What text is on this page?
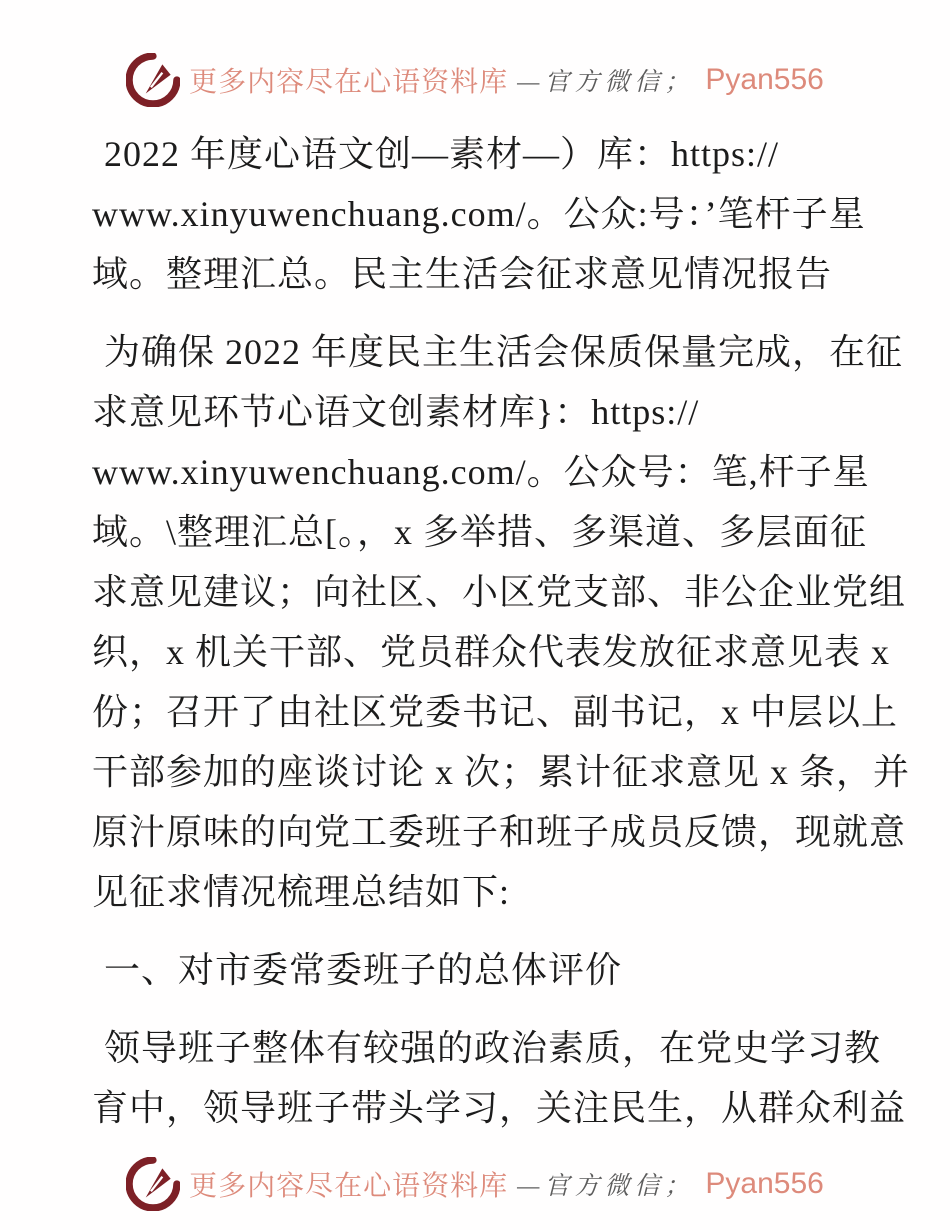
更多内容尽在心语资料库 —官方微信； Pyan556
2022 年度心语文创—素材—）库：https://
www.xinyuwenchuang.com/。公众:号：’笔杆子星
域。整理汇总。民主生活会征求意见情况报告
为确保 2022 年度民主生活会保质保量完成，在征
求意见环节心语文创素材库}：https://
www.xinyuwenchuang.com/。公众号：笔,杆子星
域。\整理汇总[。，x 多举措、多渠道、多层面征
求意见建议；向社区、小区党支部、非公企业党组
织，x 机关干部、党员群众代表发放征求意见表 x
份；召开了由社区党委书记、副书记，x 中层以上
干部参加的座谈讨论 x 次；累计征求意见 x 条，并
原汁原味的向党工委班子和班子成员反馈，现就意
见征求情况梳理总结如下:
一、对市委常委班子的总体评价
领导班子整体有较强的政治素质，在党史学习教
育中，领导班子带头学习，关注民生，从群众利益
更多内容尽在心语资料库 —官方微信； Pyan556
